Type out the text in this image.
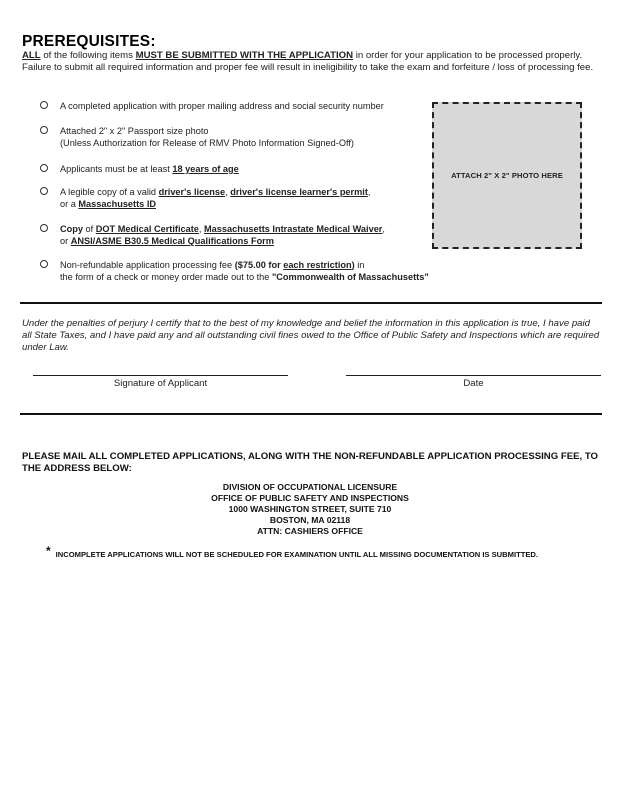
PREREQUISITES:
ALL of the following items MUST BE SUBMITTED WITH THE APPLICATION in order for your application to be processed properly. Failure to submit all required information and proper fee will result in ineligibility to take the exam and forfeiture / loss of processing fee.
A completed application with proper mailing address and social security number
Attached 2" x 2" Passport size photo
(Unless Authorization for Release of RMV Photo Information Signed-Off)
Applicants must be at least 18 years of age
A legible copy of a valid driver's license, driver's license learner's permit,
or a Massachusetts ID
Copy of DOT Medical Certificate, Massachusetts Intrastate Medical Waiver,
or ANSI/ASME B30.5 Medical Qualifications Form
Non-refundable application processing fee ($75.00 for each restriction) in
the form of a check or money order made out to the "Commonwealth of Massachusetts"
ATTACH 2" X 2" PHOTO HERE
Under the penalties of perjury I certify that to the best of my knowledge and belief the information in this application is true, I have paid all State Taxes, and I have paid any and all outstanding civil fines owed to the Office of Public Safety and Inspections which are required under Law.
Signature of Applicant	Date
PLEASE MAIL ALL COMPLETED APPLICATIONS, ALONG WITH THE NON-REFUNDABLE APPLICATION PROCESSING FEE, TO THE ADDRESS BELOW:
DIVISION OF OCCUPATIONAL LICENSURE
OFFICE OF PUBLIC SAFETY AND INSPECTIONS
1000 WASHINGTON STREET, SUITE 710
BOSTON, MA 02118
ATTN: CASHIERS OFFICE
* INCOMPLETE APPLICATIONS WILL NOT BE SCHEDULED FOR EXAMINATION UNTIL ALL MISSING DOCUMENTATION IS SUBMITTED.
